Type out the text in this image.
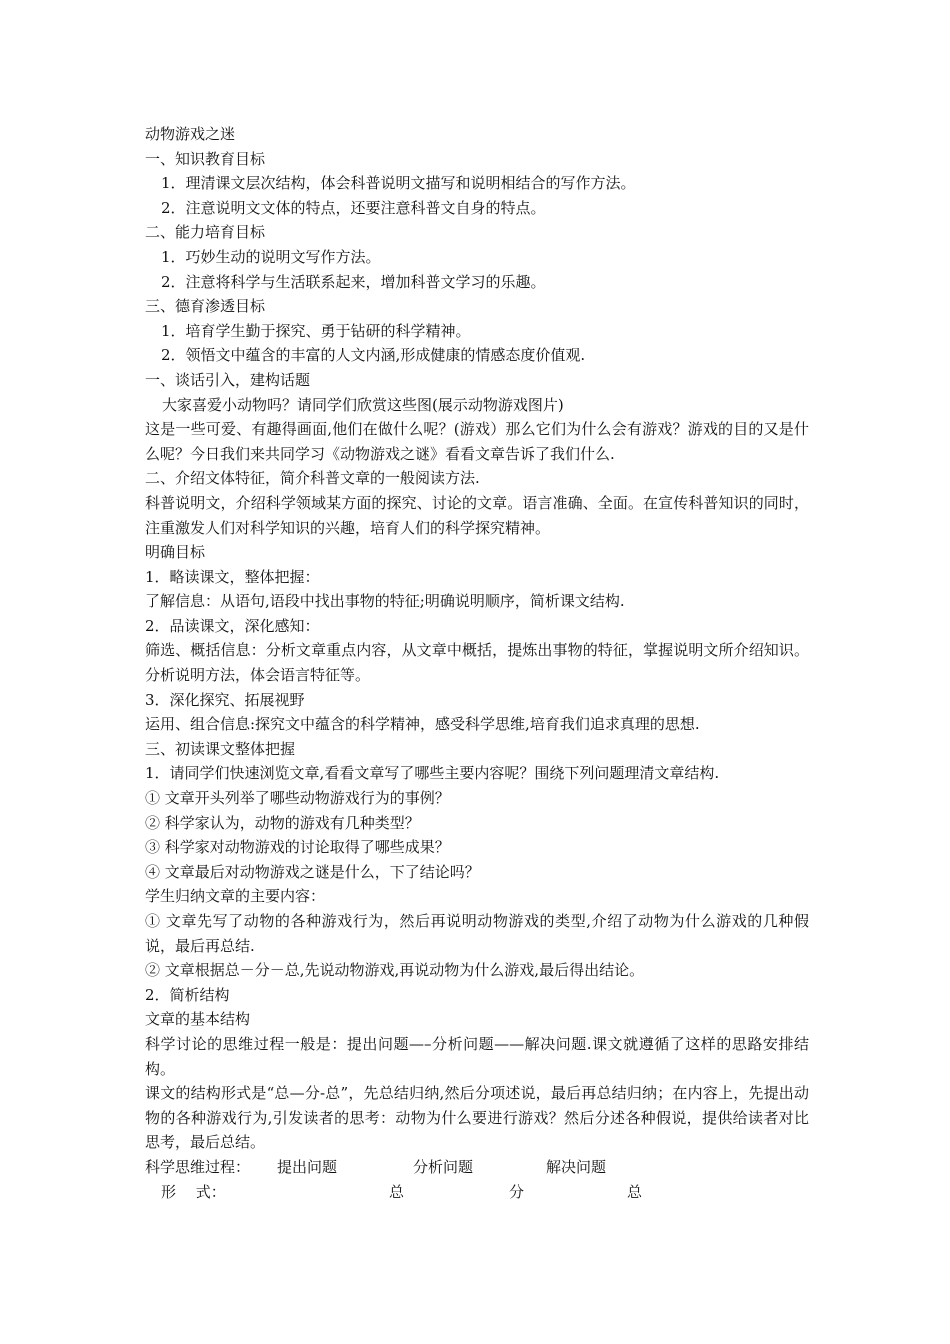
动物游戏之迷

一、知识教育目标

1．理清课文层次结构，体会科普说明文描写和说明相结合的写作方法。

2．注意说明文文体的特点，还要注意科普文自身的特点。

二、能力培育目标

1．巧妙生动的说明文写作方法。

2．注意将科学与生活联系起来，增加科普文学习的乐趣。

三、德育渗透目标

1．培育学生勤于探究、勇于钻研的科学精神。

2．领悟文中蕴含的丰富的人文内涵,形成健康的情感态度价值观.

一、谈话引入，建构话题

大家喜爱小动物吗？请同学们欣赏这些图(展示动物游戏图片)

这是一些可爱、有趣得画面,他们在做什么呢？(游戏）那么它们为什么会有游戏？游戏的目的又是什么呢？今日我们来共同学习《动物游戏之谜》看看文章告诉了我们什么.

二、介绍文体特征，简介科普文章的一般阅读方法.

科普说明文，介绍科学领域某方面的探究、讨论的文章。语言准确、全面。在宣传科普知识的同时，注重激发人们对科学知识的兴趣，培育人们的科学探究精神。

明确目标

1．略读课文，整体把握：

了解信息：从语句,语段中找出事物的特征;明确说明顺序，简析课文结构.

2．品读课文，深化感知：

筛选、概括信息：分析文章重点内容，从文章中概括，提炼出事物的特征，掌握说明文所介绍知识。分析说明方法，体会语言特征等。

3．深化探究、拓展视野

运用、组合信息:探究文中蕴含的科学精神，感受科学思维,培育我们追求真理的思想.

三、初读课文整体把握

1．请同学们快速浏览文章,看看文章写了哪些主要内容呢？围绕下列问题理清文章结构.

① 文章开头列举了哪些动物游戏行为的事例？

② 科学家认为，动物的游戏有几种类型？

③ 科学家对动物游戏的讨论取得了哪些成果？

④ 文章最后对动物游戏之谜是什么，下了结论吗？

学生归纳文章的主要内容：

① 文章先写了动物的各种游戏行为，然后再说明动物游戏的类型,介绍了动物为什么游戏的几种假说，最后再总结.

② 文章根据总－分－总,先说动物游戏,再说动物为什么游戏,最后得出结论。

2．简析结构

文章的基本结构

科学讨论的思维过程一般是：提出问题—–分析问题——解决问题.课文就遵循了这样的思路安排结构。

课文的结构形式是“总—分-总”，先总结归纳,然后分项述说，最后再总结归纳；在内容上，先提出动物的各种游戏行为,引发读者的思考：动物为什么要进行游戏？然后分述各种假说，提供给读者对比思考，最后总结。

科学思维过程： 提出问题	分析问题	解决问题
形　 式：	总	分	总
